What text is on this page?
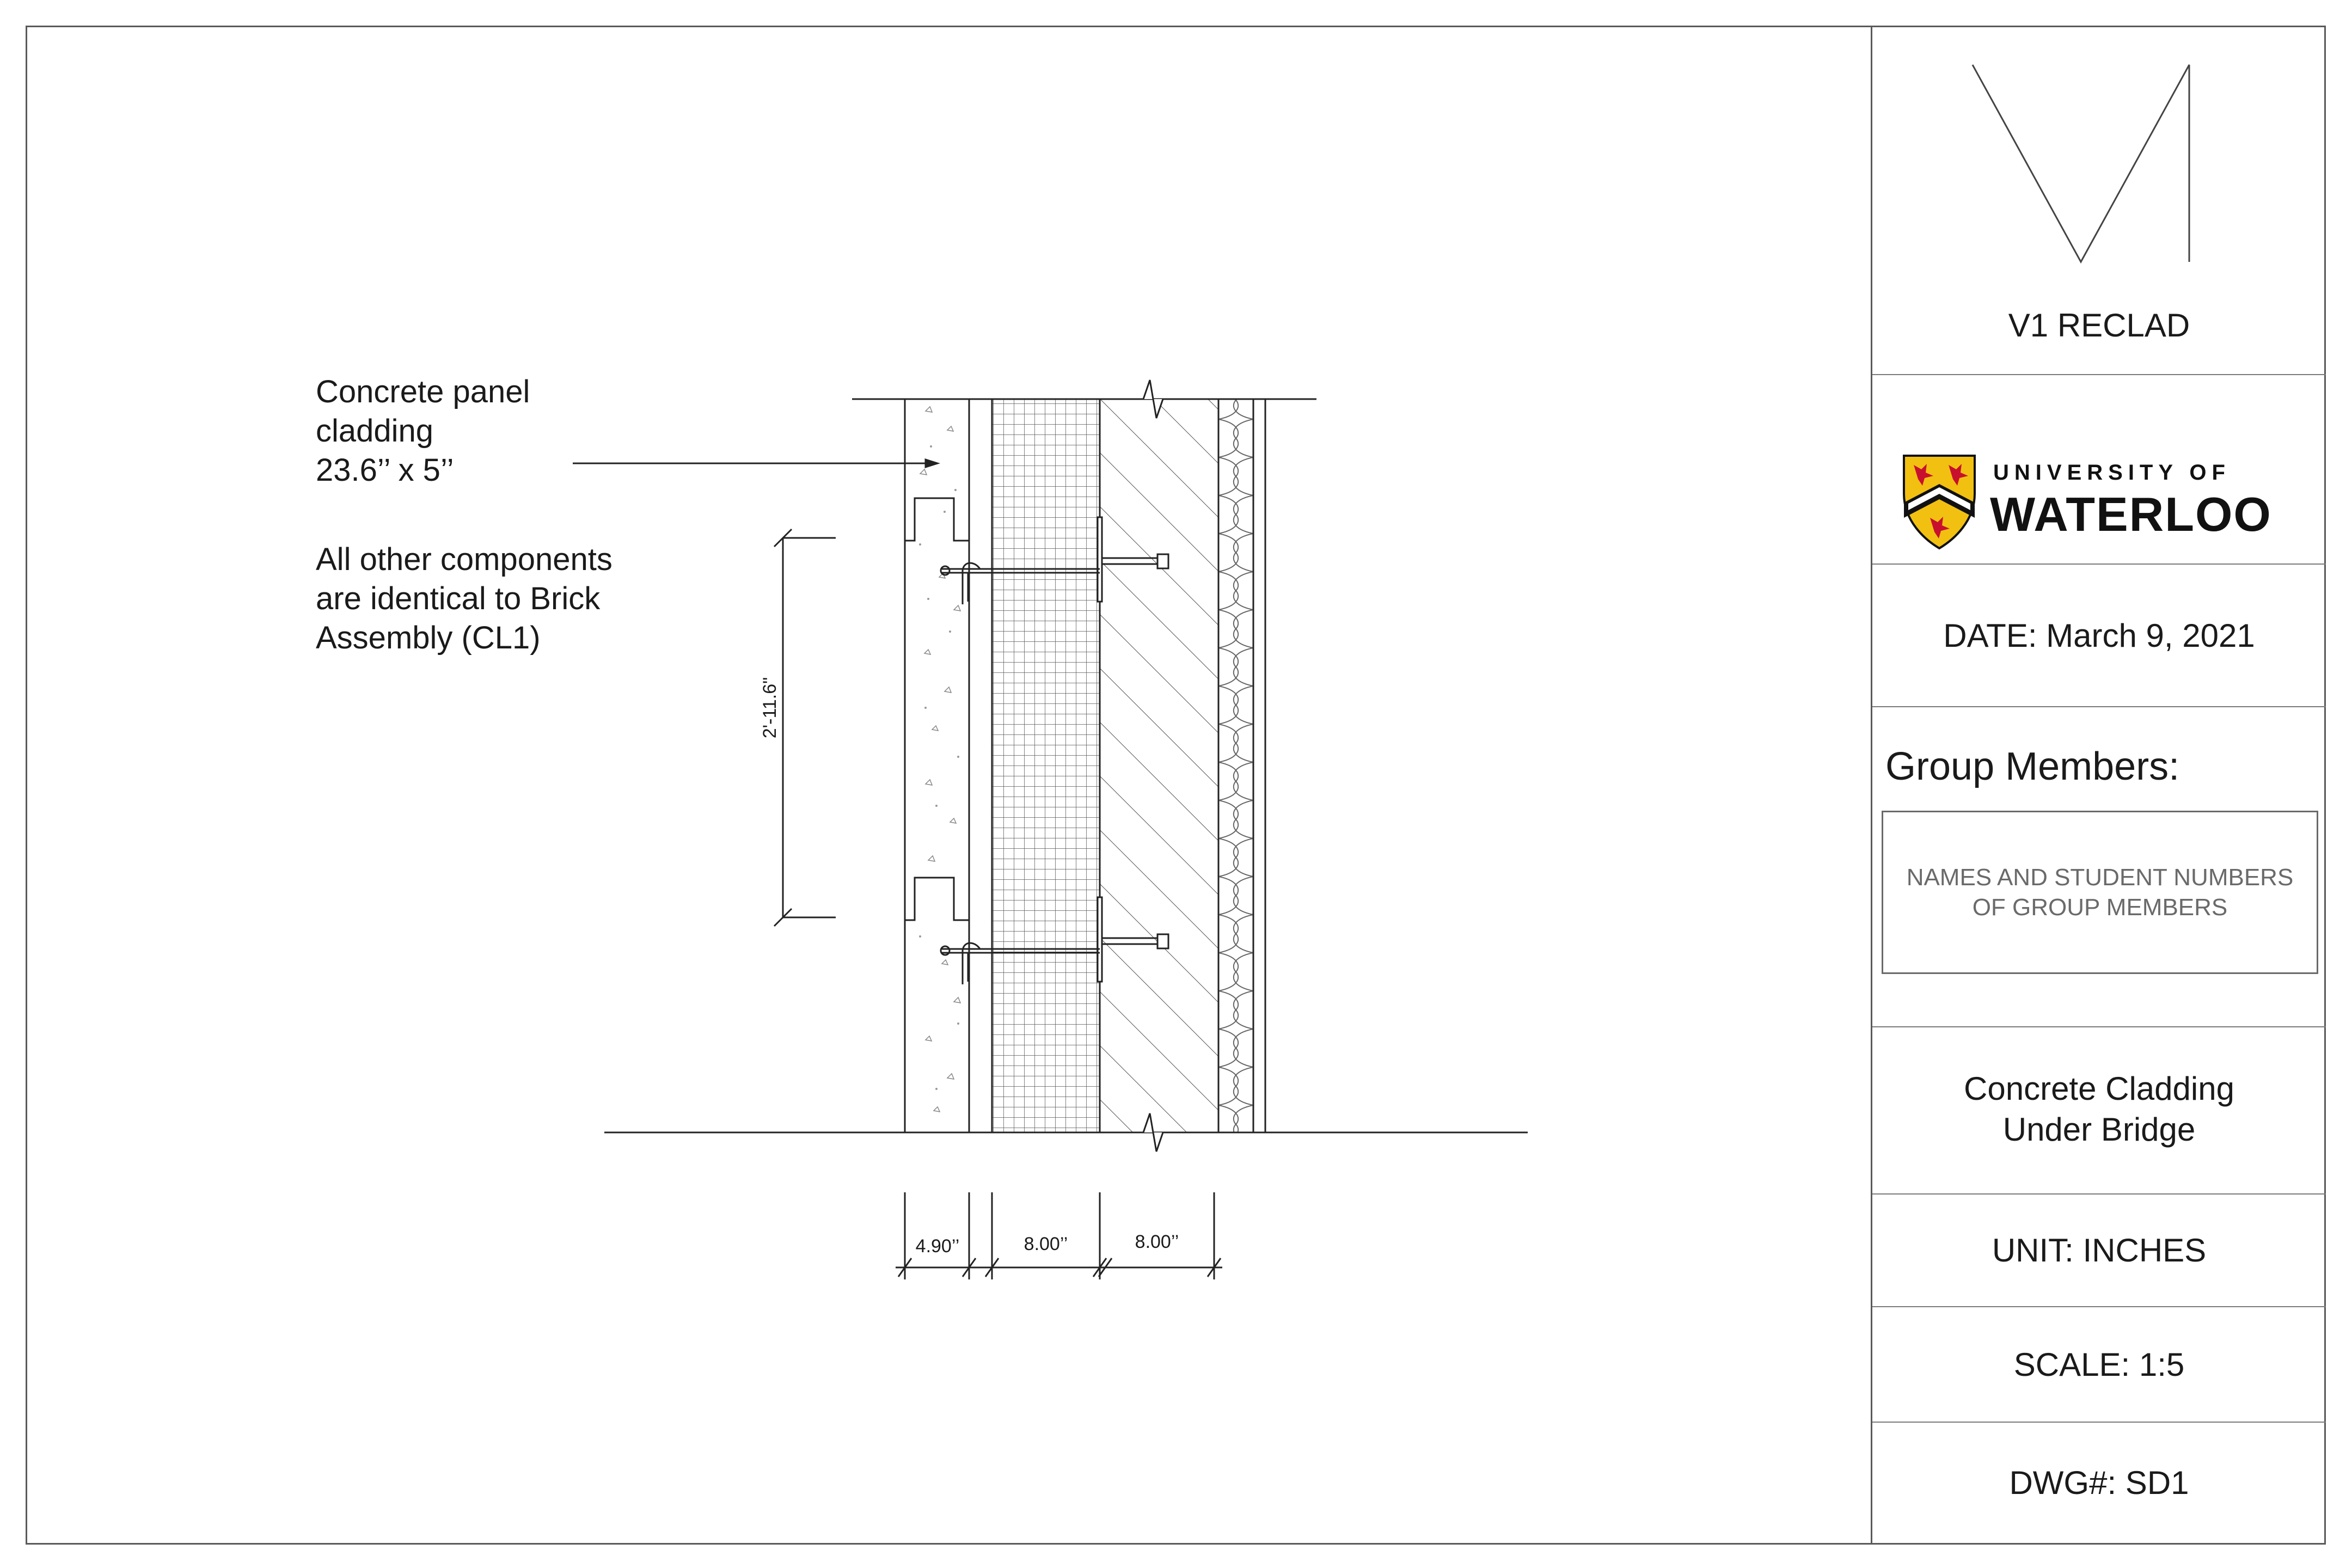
2'-11.6"
4.90’’	8.00’’	8.00’’
Concrete panel
cladding
23.6’’ x 5’’
All other components
are identical to Brick
Assembly (CL1)
V1 RECLAD
UNIVERSITY OF
WATERLOO
DATE: March 9, 2021
Group Members:
NAMES AND STUDENT NUMBERS OF GROUP MEMBERS
Concrete Cladding Under Bridge
UNIT: INCHES
SCALE: 1:5
DWG#: SD1
